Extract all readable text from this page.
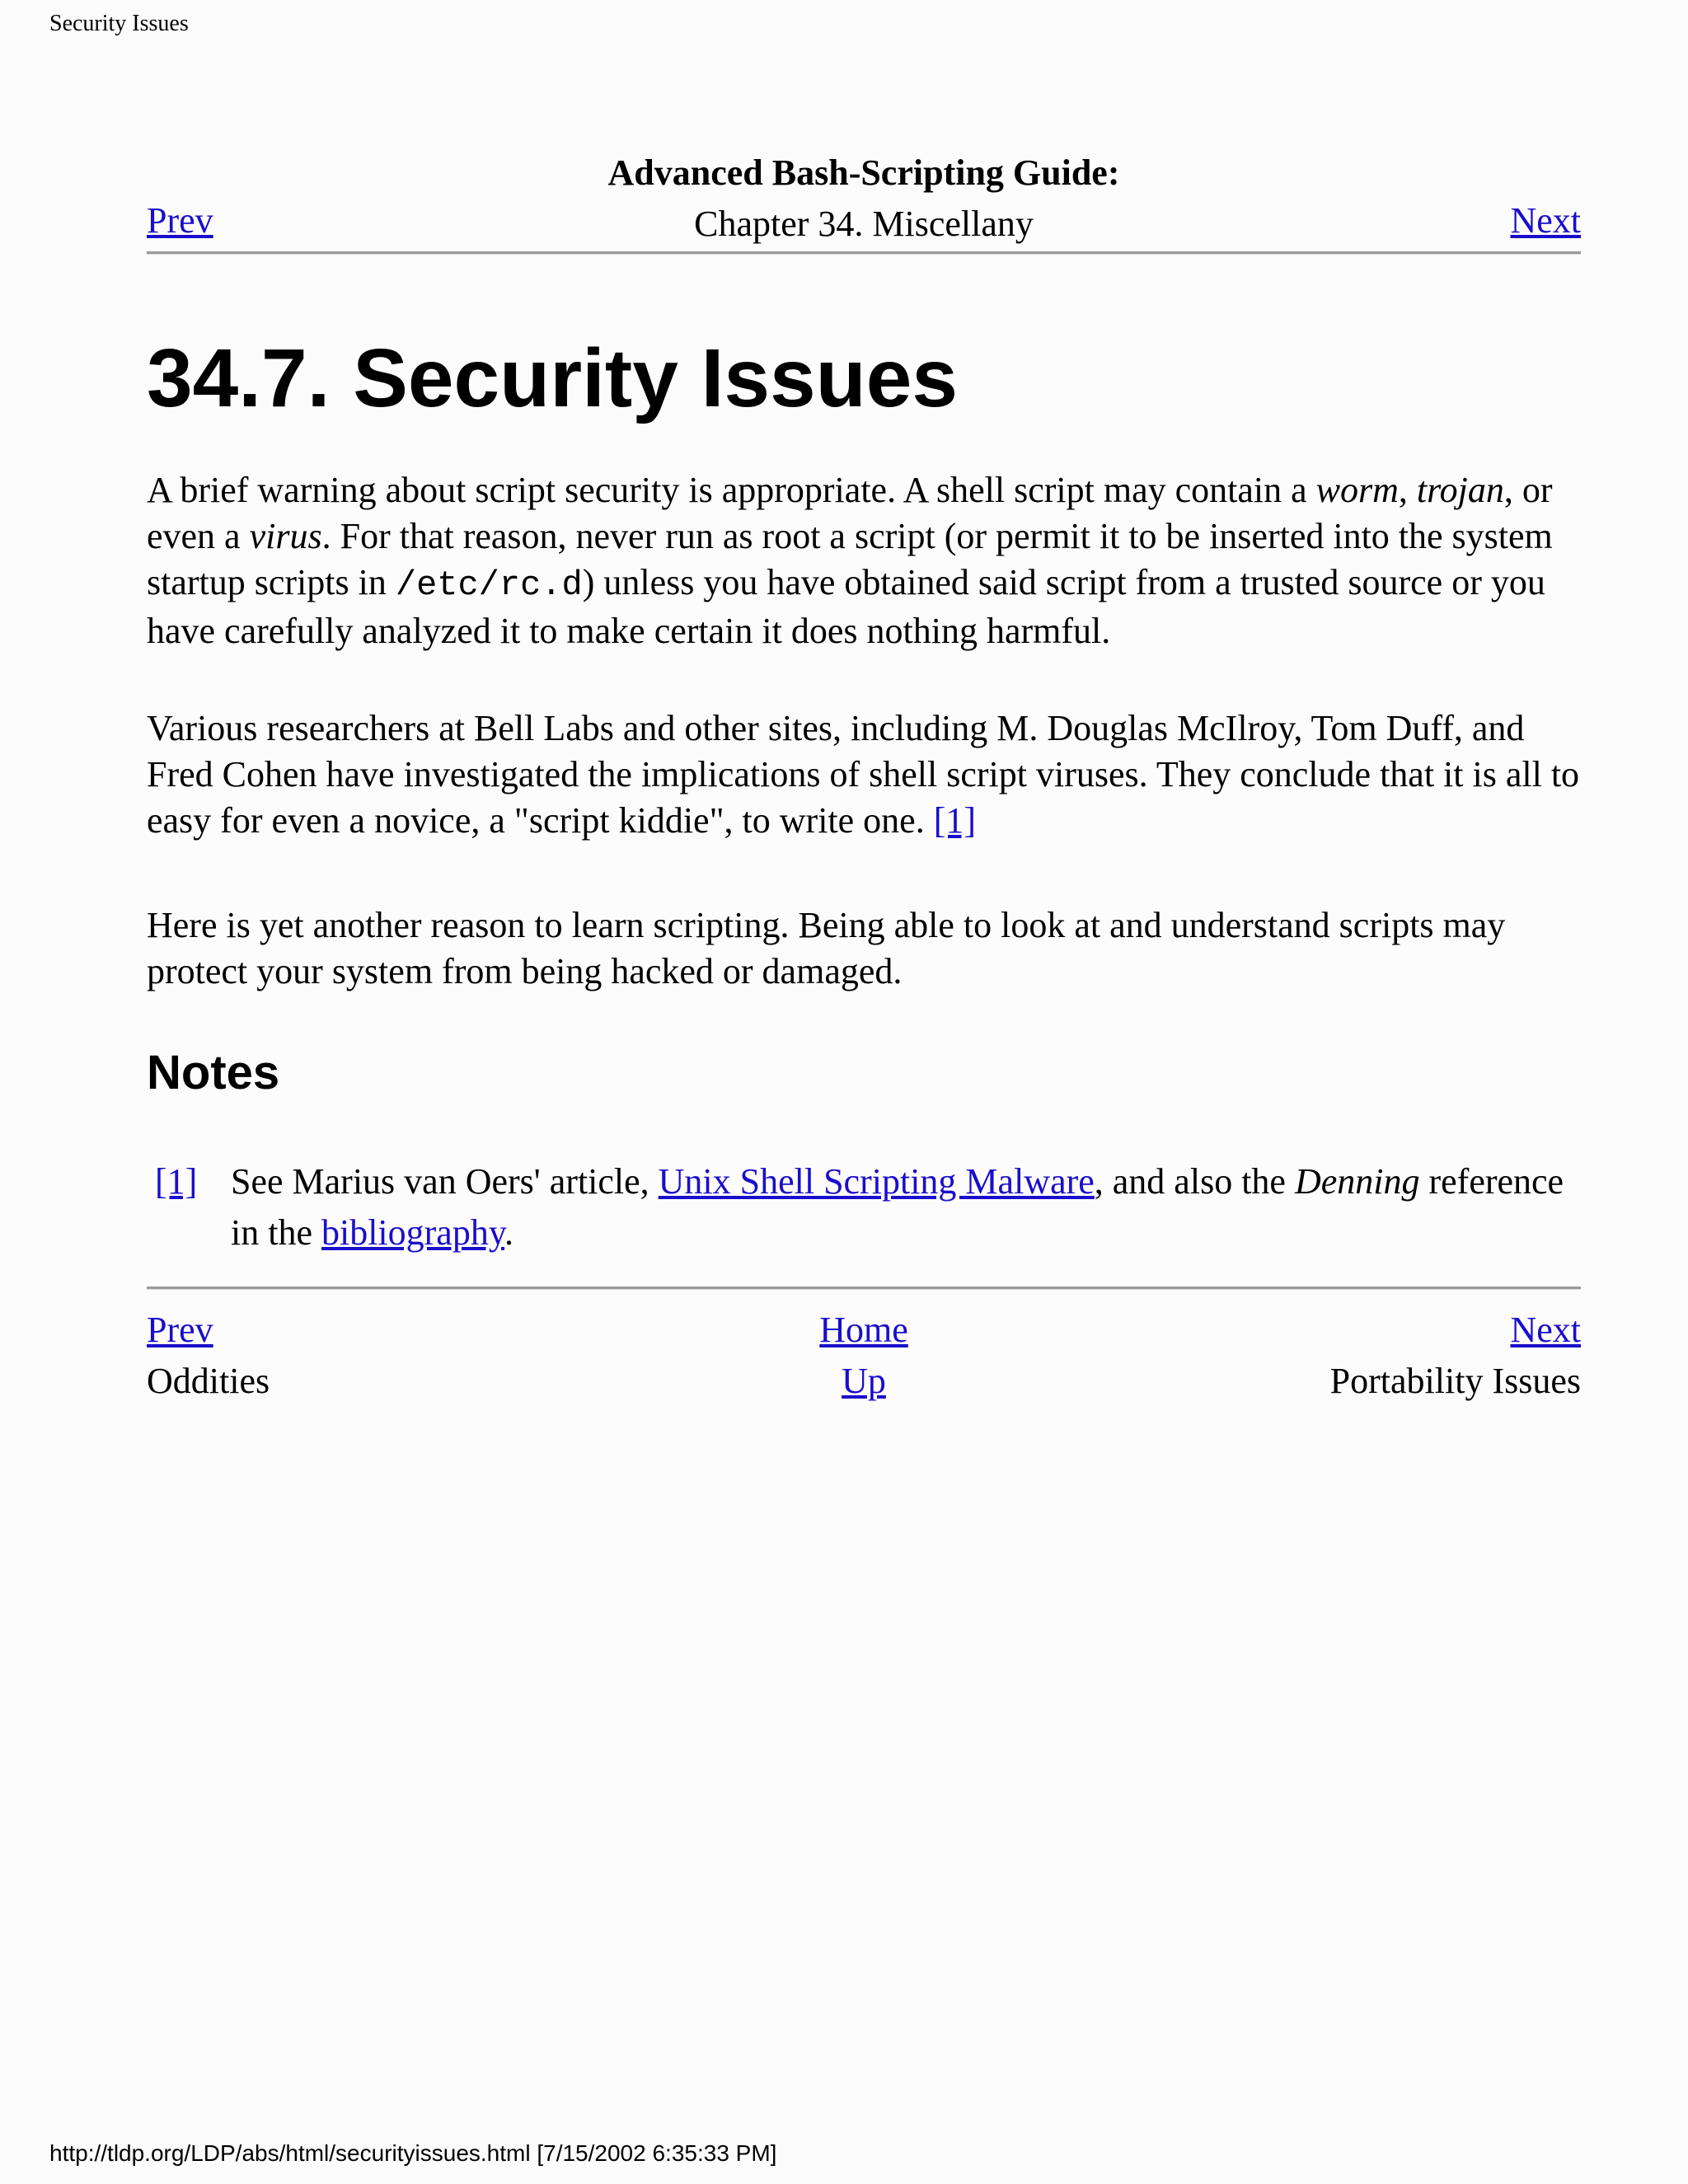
Security Issues
Advanced Bash-Scripting Guide:
Chapter 34. Miscellany
Prev	Next
34.7. Security Issues

A brief warning about script security is appropriate. A shell script may contain a worm, trojan, or even a virus. For that reason, never run as root a script (or permit it to be inserted into the system startup scripts in /etc/rc.d) unless you have obtained said script from a trusted source or you have carefully analyzed it to make certain it does nothing harmful.

Various researchers at Bell Labs and other sites, including M. Douglas McIlroy, Tom Duff, and Fred Cohen have investigated the implications of shell script viruses. They conclude that it is all to easy for even a novice, a "script kiddie", to write one. [1]

Here is yet another reason to learn scripting. Being able to look at and understand scripts may protect your system from being hacked or damaged.

Notes
[1] See Marius van Oers' article, Unix Shell Scripting Malware, and also the Denning reference in the bibliography.
Prev
Oddities
Home
Up
Next
Portability Issues
http://tldp.org/LDP/abs/html/securityissues.html [7/15/2002 6:35:33 PM]
